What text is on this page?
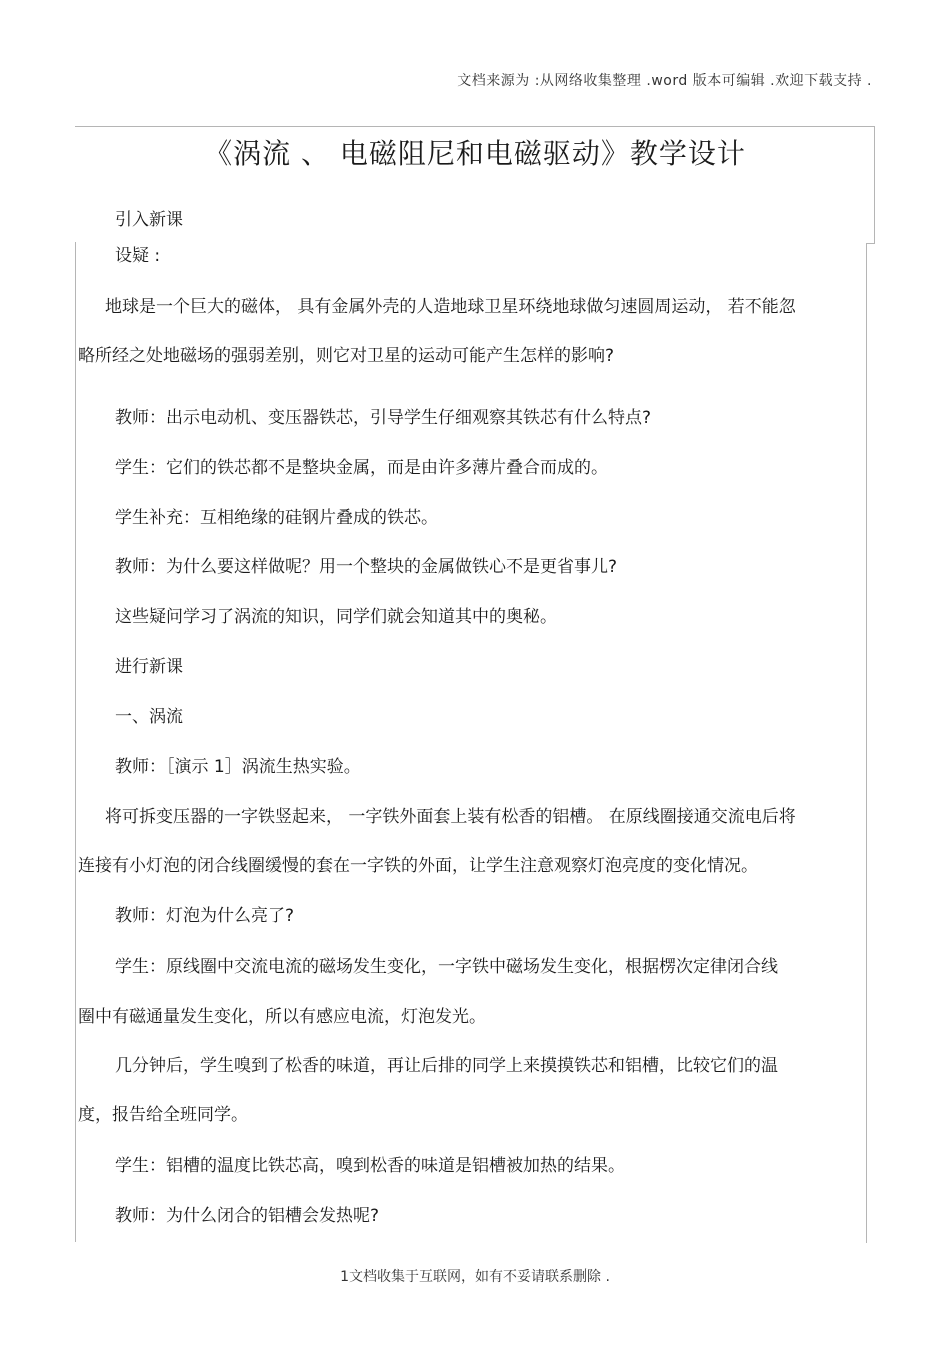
文档来源为 :从网络收集整理 .word 版本可编辑 .欢迎下载支持 .
《涡流 、 电磁阻尼和电磁驱动》教学设计
引入新课
设疑 :
地球是一个巨大的磁体， 具有金属外壳的人造地球卫星环绕地球做匀速圆周运动， 若不能忽
略所经之处地磁场的强弱差别，则它对卫星的运动可能产生怎样的影响?
教师：出示电动机、变压器铁芯，引导学生仔细观察其铁芯有什么特点?
学生：它们的铁芯都不是整块金属，而是由许多薄片叠合而成的。
学生补充：互相绝缘的硅钢片叠成的铁芯。
教师：为什么要这样做呢？用一个整块的金属做铁心不是更省事儿?
这些疑问学习了涡流的知识，同学们就会知道其中的奥秘。
进行新课
一、涡流
教师：［演示 1］涡流生热实验。
将可拆变压器的一字铁竖起来， 一字铁外面套上装有松香的铝槽。 在原线圈接通交流电后将
连接有小灯泡的闭合线圈缓慢的套在一字铁的外面，让学生注意观察灯泡亮度的变化情况。
教师：灯泡为什么亮了?
学生：原线圈中交流电流的磁场发生变化，一字铁中磁场发生变化，根据楞次定律闭合线
圈中有磁通量发生变化，所以有感应电流，灯泡发光。
几分钟后，学生嗅到了松香的味道，再让后排的同学上来摸摸铁芯和铝槽，比较它们的温
度，报告给全班同学。
学生：铝槽的温度比铁芯高，嗅到松香的味道是铝槽被加热的结果。
教师：为什么闭合的铝槽会发热呢?
1文档收集于互联网，如有不妥请联系删除 .
